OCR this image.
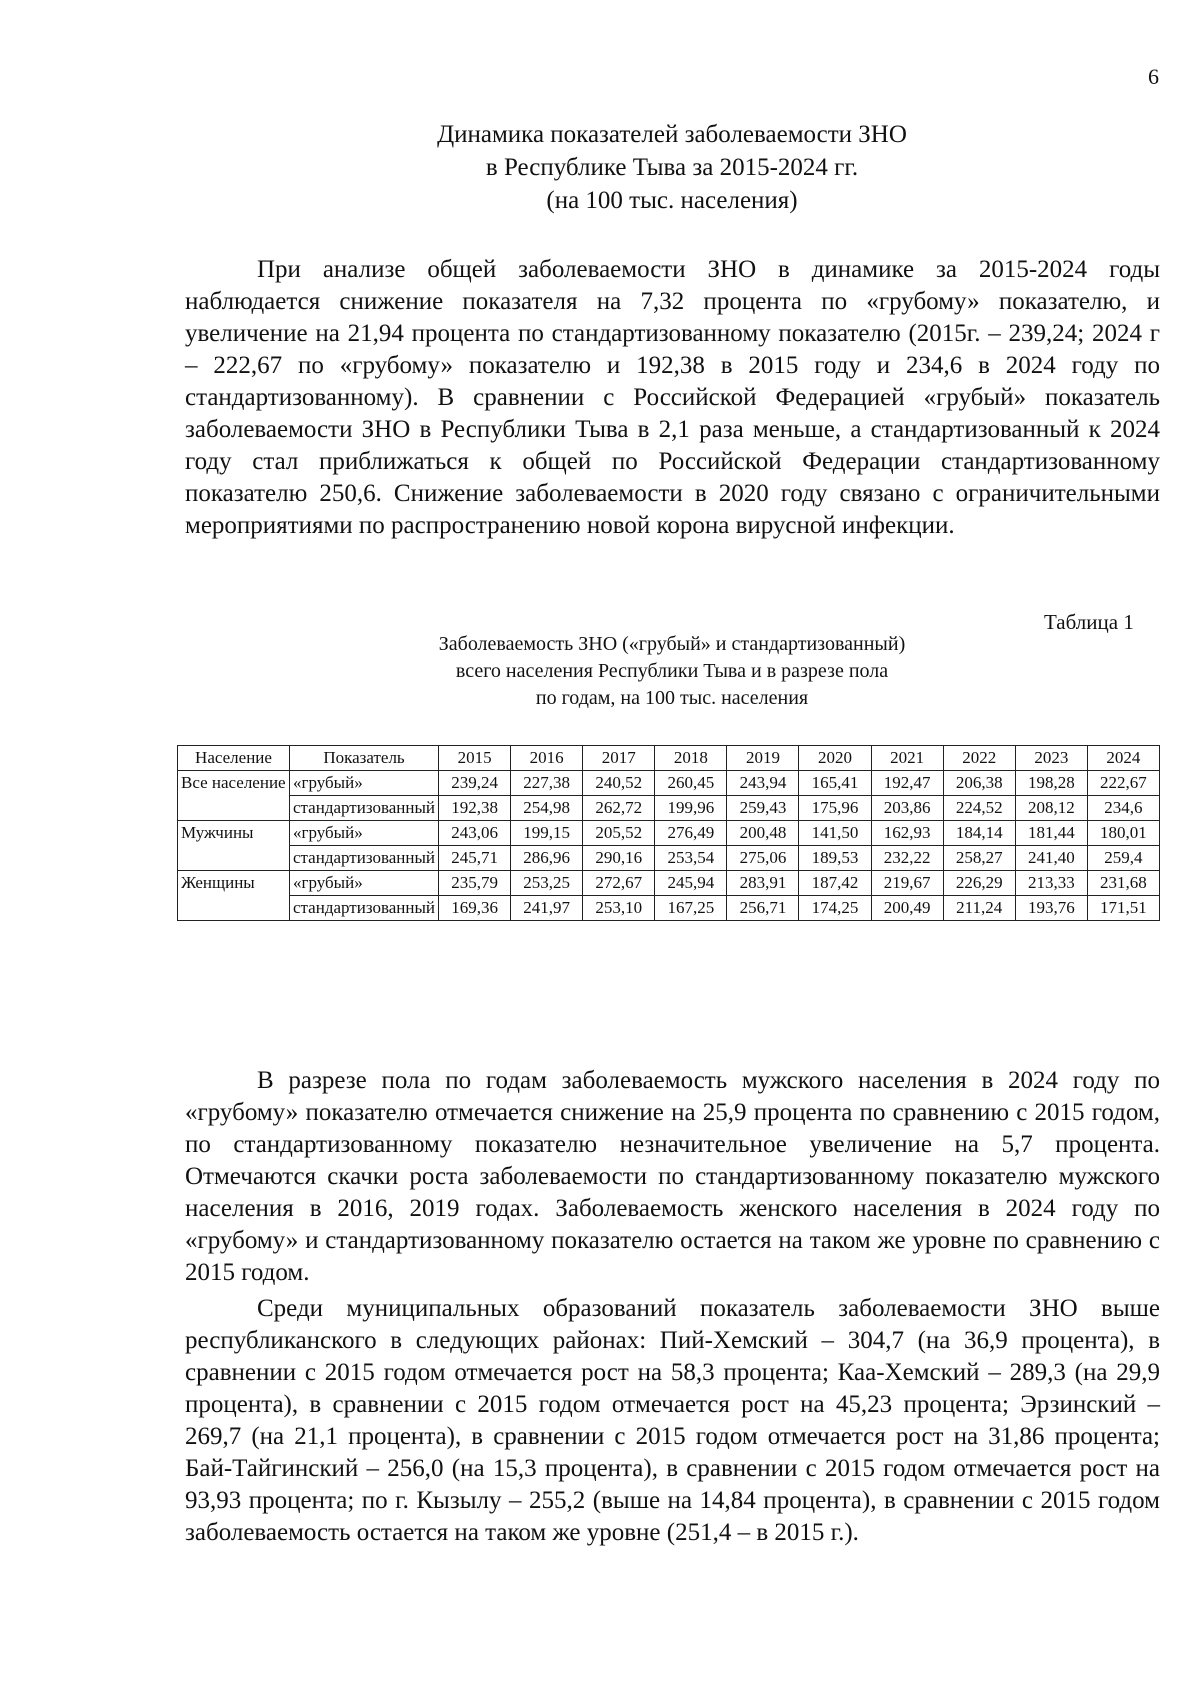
6
Динамика показателей заболеваемости ЗНО
в Республике Тыва за 2015-2024 гг.
(на 100 тыс. населения)

При анализе общей заболеваемости ЗНО в динамике за 2015-2024 годы наблюдается снижение показателя на 7,32 процента по «грубому» показателю, и увеличение на 21,94 процента по стандартизованному показателю (2015г. – 239,24; 2024 г – 222,67 по «грубому» показателю и 192,38 в 2015 году и 234,6 в 2024 году по стандартизованному). В сравнении с Российской Федерацией «грубый» показатель заболеваемости ЗНО в Республики Тыва в 2,1 раза меньше, а стандартизованный к 2024 году стал приближаться к общей по Российской Федерации стандартизованному показателю 250,6. Снижение заболеваемости в 2020 году связано с ограничительными мероприятиями по распространению новой корона вирусной инфекции.

Таблица 1
Заболеваемость ЗНО («грубый» и стандартизованный)
всего населения Республики Тыва и в разрезе пола
по годам, на 100 тыс. населения
Население	Показатель	2015	2016	2017	2018	2019	2020	2021	2022	2023	2024
Все население	«грубый»	239,24	227,38	240,52	260,45	243,94	165,41	192,47	206,38	198,28	222,67
	стандартизованный	192,38	254,98	262,72	199,96	259,43	175,96	203,86	224,52	208,12	234,6
Мужчины	«грубый»	243,06	199,15	205,52	276,49	200,48	141,50	162,93	184,14	181,44	180,01
	стандартизованный	245,71	286,96	290,16	253,54	275,06	189,53	232,22	258,27	241,40	259,4
Женщины	«грубый»	235,79	253,25	272,67	245,94	283,91	187,42	219,67	226,29	213,33	231,68
	стандартизованный	169,36	241,97	253,10	167,25	256,71	174,25	200,49	211,24	193,76	171,51

В разрезе пола по годам заболеваемость мужского населения в 2024 году по «грубому» показателю отмечается снижение на 25,9 процента по сравнению с 2015 годом, по стандартизованному показателю незначительное увеличение на 5,7 процента. Отмечаются скачки роста заболеваемости по стандартизованному показателю мужского населения в 2016, 2019 годах. Заболеваемость женского населения в 2024 году по «грубому» и стандартизованному показателю остается на таком же уровне по сравнению с 2015 годом.

Среди муниципальных образований показатель заболеваемости ЗНО выше республиканского в следующих районах: Пий-Хемский – 304,7 (на 36,9 процента), в сравнении с 2015 годом отмечается рост на 58,3 процента; Каа-Хемский – 289,3 (на 29,9 процента), в сравнении с 2015 годом отмечается рост на 45,23 процента; Эрзинский – 269,7 (на 21,1 процента), в сравнении с 2015 годом отмечается рост на 31,86 процента; Бай-Тайгинский – 256,0 (на 15,3 процента), в сравнении с 2015 годом отмечается рост на 93,93 процента; по г. Кызылу – 255,2 (выше на 14,84 процента), в сравнении с 2015 годом заболеваемость остается на таком же уровне (251,4 – в 2015 г.).
